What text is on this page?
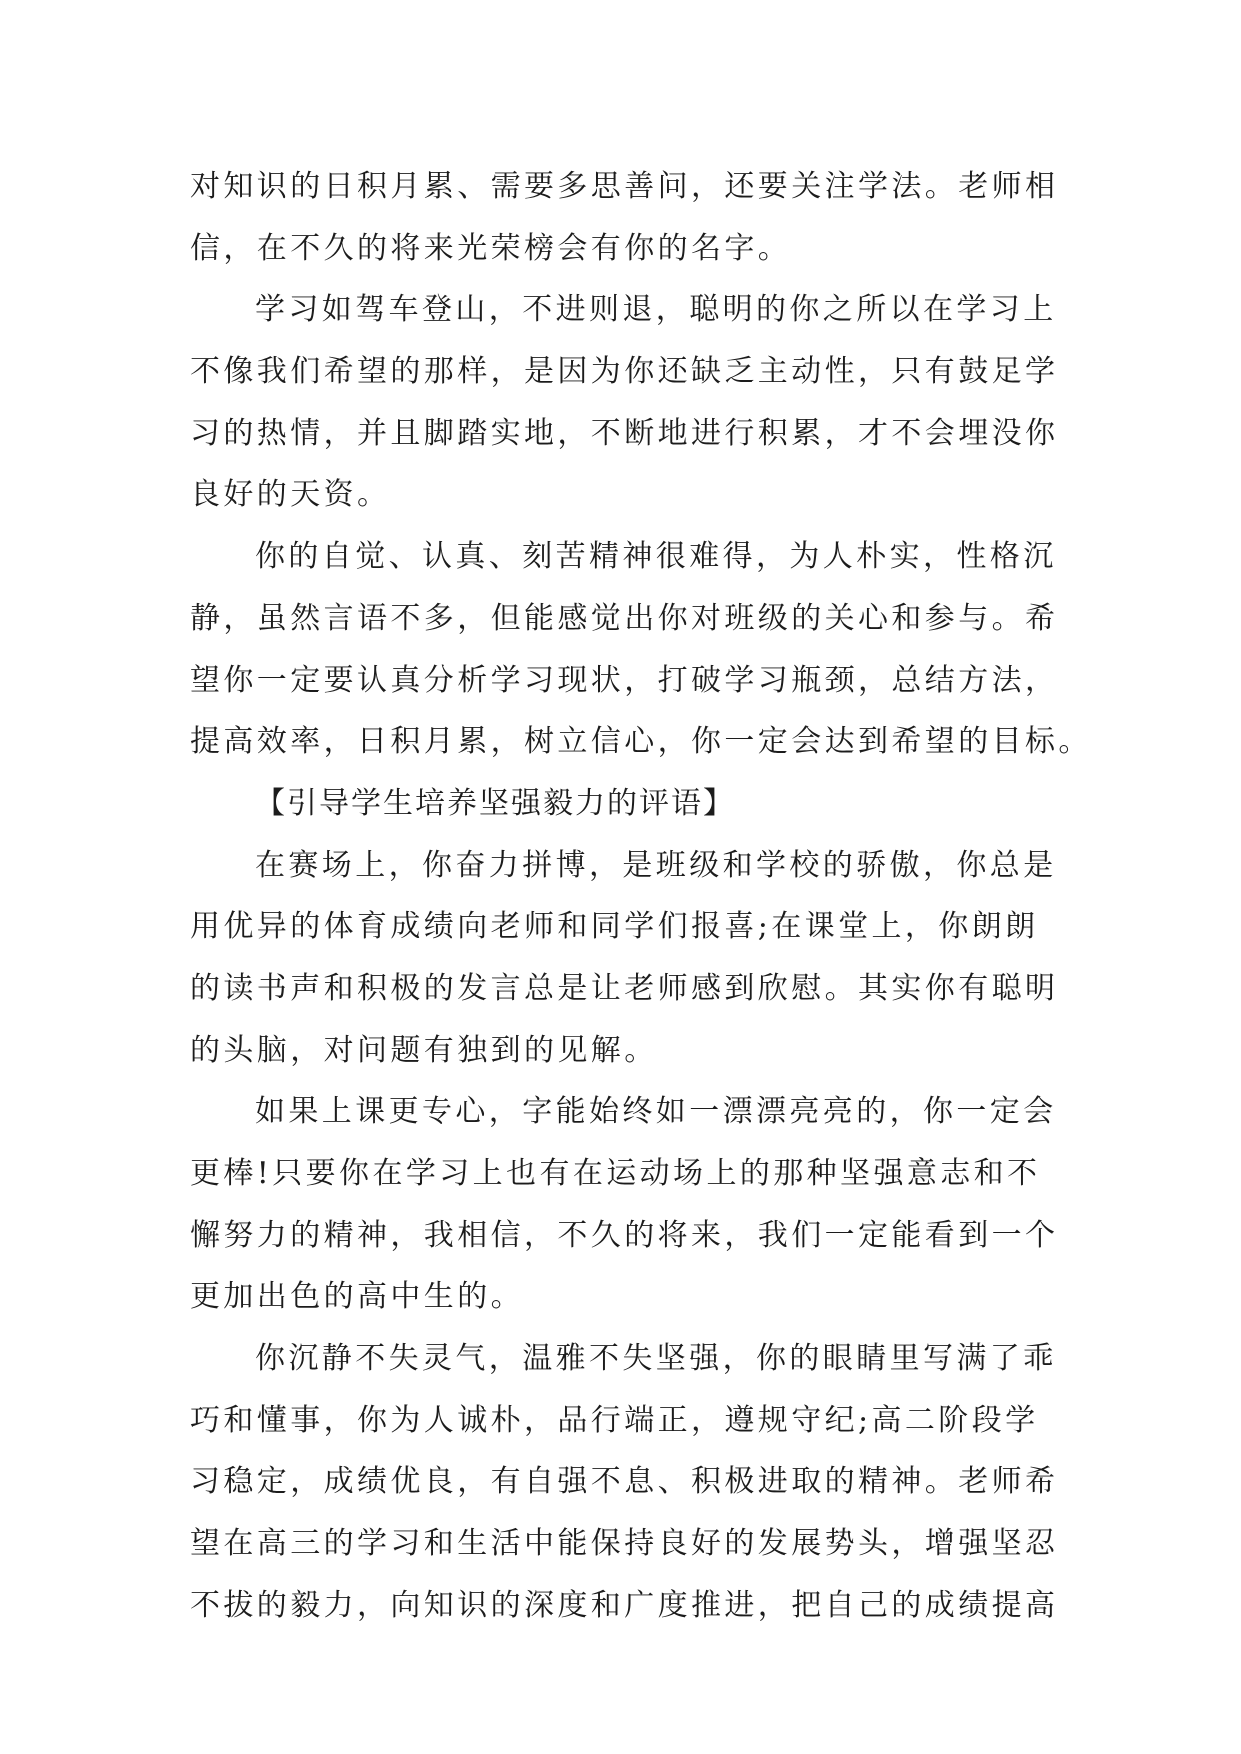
对知识的日积月累、需要多思善问，还要关注学法。老师相
信，在不久的将来光荣榜会有你的名字。
学习如驾车登山，不进则退，聪明的你之所以在学习上
不像我们希望的那样，是因为你还缺乏主动性，只有鼓足学
习的热情，并且脚踏实地，不断地进行积累，才不会埋没你
良好的天资。
你的自觉、认真、刻苦精神很难得，为人朴实，性格沉
静，虽然言语不多，但能感觉出你对班级的关心和参与。希
望你一定要认真分析学习现状，打破学习瓶颈，总结方法，
提高效率，日积月累，树立信心，你一定会达到希望的目标。
【引导学生培养坚强毅力的评语】
在赛场上，你奋力拼博，是班级和学校的骄傲，你总是
用优异的体育成绩向老师和同学们报喜;在课堂上，你朗朗
的读书声和积极的发言总是让老师感到欣慰。其实你有聪明
的头脑，对问题有独到的见解。
如果上课更专心，字能始终如一漂漂亮亮的，你一定会
更棒!只要你在学习上也有在运动场上的那种坚强意志和不
懈努力的精神，我相信，不久的将来，我们一定能看到一个
更加出色的高中生的。
你沉静不失灵气，温雅不失坚强，你的眼睛里写满了乖
巧和懂事，你为人诚朴，品行端正，遵规守纪;高二阶段学
习稳定，成绩优良，有自强不息、积极进取的精神。老师希
望在高三的学习和生活中能保持良好的发展势头，增强坚忍
不拔的毅力，向知识的深度和广度推进，把自己的成绩提高
